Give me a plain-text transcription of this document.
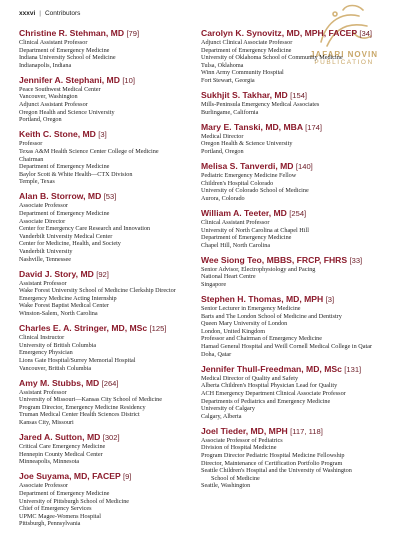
xxxvi | Contributors
JAFARI NOVIN
PUBLICATION
Christine R. Stehman, MD [79]
Clinical Assistant Professor
Department of Emergency Medicine
Indiana University School of Medicine
Indianapolis, Indiana
Jennifer A. Stephani, MD [10]
Peace Southwest Medical Center
Vancouver, Washington
Adjunct Assistant Professor
Oregon Health and Science University
Portland, Oregon
Keith C. Stone, MD [3]
Professor
Texas A&M Health Science Center College of Medicine
Chairman
Department of Emergency Medicine
Baylor Scott & White Health—CTX Division
Temple, Texas
Alan B. Storrow, MD [53]
Associate Professor
Department of Emergency Medicine
Associate Director
Center for Emergency Care Research and Innovation
Vanderbilt University Medical Center
Center for Medicine, Health, and Society
Vanderbilt University
Nashville, Tennessee
David J. Story, MD [92]
Assistant Professor
Wake Forest University School of Medicine Clerkship Director
Emergency Medicine Acting Internship
Wake Forest Baptist Medical Center
Winston-Salem, North Carolina
Charles E. A. Stringer, MD, MSc [125]
Clinical Instructor
University of British Columbia
Emergency Physician
Lions Gate Hospital/Surrey Memorial Hospital
Vancouver, British Columbia
Amy M. Stubbs, MD [264]
Assistant Professor
University of Missouri—Kansas City School of Medicine
Program Director, Emergency Medicine Residency
Truman Medical Center Health Sciences District
Kansas City, Missouri
Jared A. Sutton, MD [302]
Critical Care Emergency Medicine
Hennepin County Medical Center
Minneapolis, Minnesota
Joe Suyama, MD, FACEP [9]
Associate Professor
Department of Emergency Medicine
University of Pittsburgh School of Medicine
Chief of Emergency Services
UPMC Magee-Womens Hospital
Pittsburgh, Pennsylvania
Carolyn K. Synovitz, MD, MPH, FACEP [34]
Adjunct Clinical Associate Professor
Department of Emergency Medicine
University of Oklahoma School of Community Medicine
Tulsa, Oklahoma
Winn Army Community Hospital
Fort Stewart, Georgia
Sukhjit S. Takhar, MD [154]
Mills-Peninsula Emergency Medical Associates
Burlingame, California
Mary E. Tanski, MD, MBA [174]
Medical Director
Oregon Health & Science University
Portland, Oregon
Melisa S. Tanverdi, MD [140]
Pediatric Emergency Medicine Fellow
Children's Hospital Colorado
University of Colorado School of Medicine
Aurora, Colorado
William A. Teeter, MD [254]
Clinical Assistant Professor
University of North Carolina at Chapel Hill
Department of Emergency Medicine
Chapel Hill, North Carolina
Wee Siong Teo, MBBS, FRCP, FHRS [33]
Senior Advisor, Electrophysiology and Pacing
National Heart Centre
Singapore
Stephen H. Thomas, MD, MPH [3]
Senior Lecturer in Emergency Medicine
Barts and The London School of Medicine and Dentistry
Queen Mary University of London
London, United Kingdom
Professor and Chairman of Emergency Medicine
Hamad General Hospital and Weill Cornell Medical College in Qatar
Doha, Qatar
Jennifer Thull-Freedman, MD, MSc [131]
Medical Director of Quality and Safety
Alberta Children's Hospital Physician Lead for Quality
ACH Emergency Department Clinical Associate Professor
Departments of Pediatrics and Emergency Medicine
University of Calgary
Calgary, Alberta
Joel Tieder, MD, MPH [117, 118]
Associate Professor of Pediatrics
Division of Hospital Medicine
Program Director Pediatric Hospital Medicine Fellowship
Director, Maintenance of Certification Portfolio Program
Seattle Children's Hospital and the University of Washington
School of Medicine
Seattle, Washington
